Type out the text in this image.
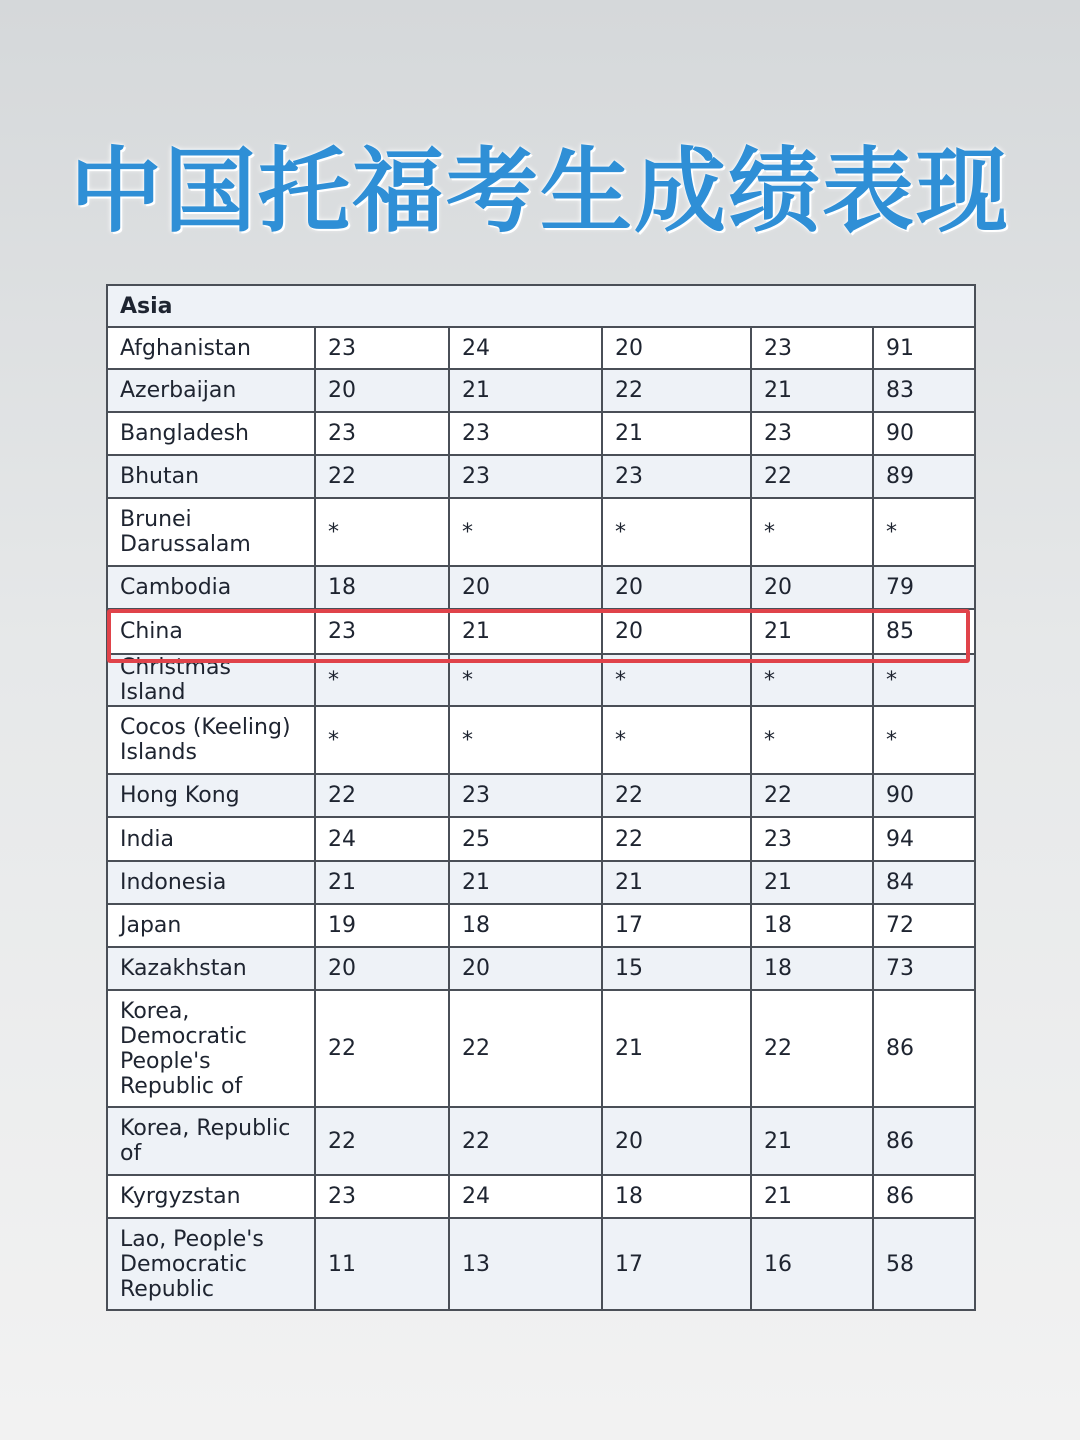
中国托福考生成绩表现
Asia					
Afghanistan	23	24	20	23	91
Azerbaijan	20	21	22	21	83
Bangladesh	23	23	21	23	90
Bhutan	22	23	23	22	89
Brunei Darussalam	*	*	*	*	*
Cambodia	18	20	20	20	79
China	23	21	20	21	85
Christmas Island	*	*	*	*	*
Cocos (Keeling) Islands	*	*	*	*	*
Hong Kong	22	23	22	22	90
India	24	25	22	23	94
Indonesia	21	21	21	21	84
Japan	19	18	17	18	72
Kazakhstan	20	20	15	18	73
Korea, Democratic People's Republic of	22	22	21	22	86
Korea, Republic of	22	22	20	21	86
Kyrgyzstan	23	24	18	21	86
Lao, People's Democratic Republic	11	13	17	16	58
